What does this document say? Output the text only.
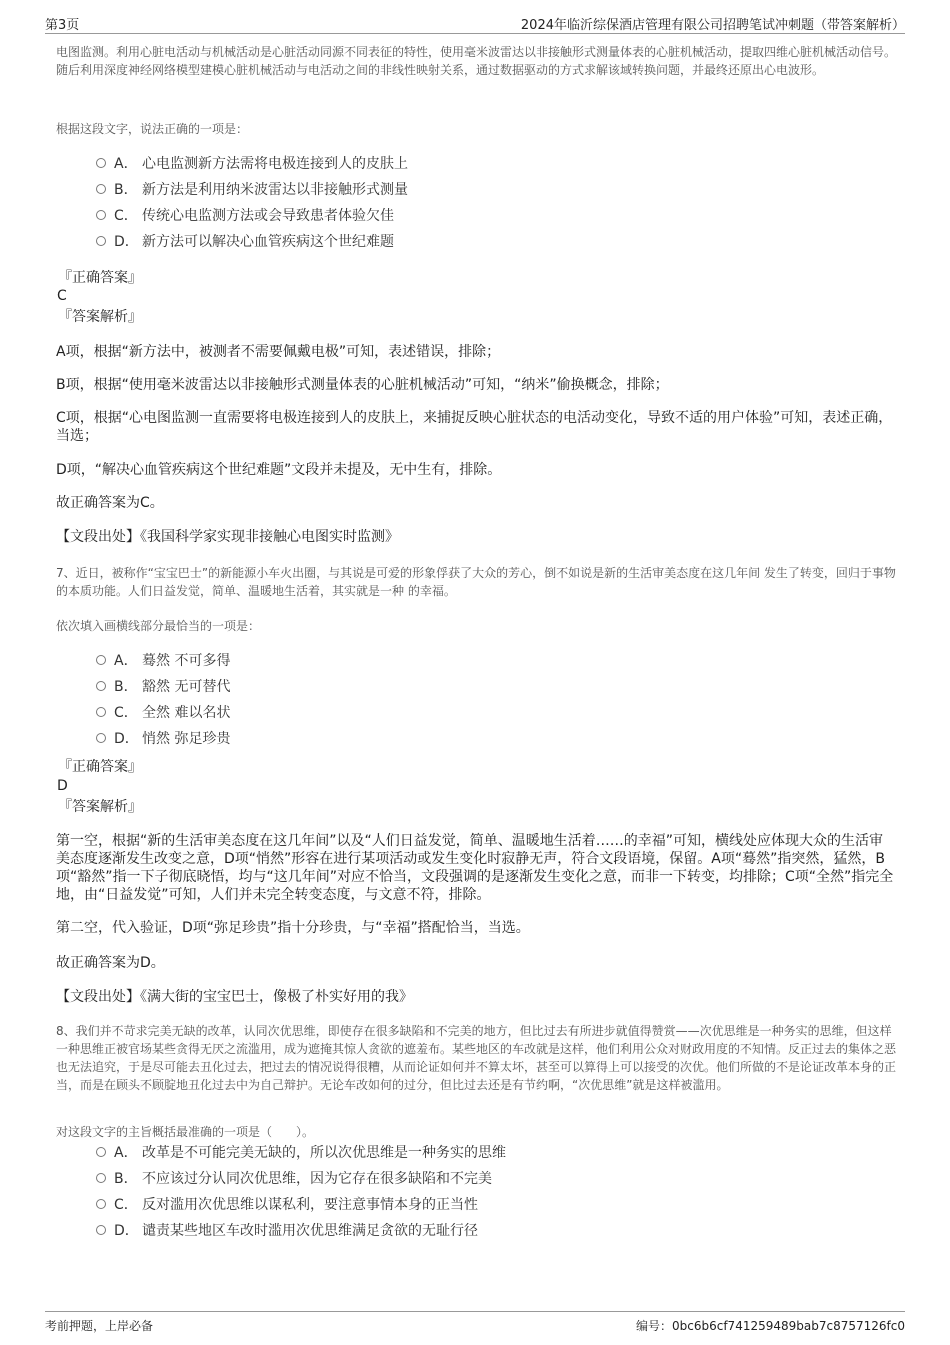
第3页	2024年临沂综保酒店管理有限公司招聘笔试冲刺题（带答案解析）

电图监测。利用心脏电活动与机械活动是心脏活动同源不同表征的特性，使用毫米波雷达以非接触形式测量体表的心脏机械活动，提取四维心脏机械活动信号。随后利用深度神经网络模型建模心脏机械活动与电活动之间的非线性映射关系，通过数据驱动的方式求解该域转换问题，并最终还原出心电波形。

根据这段文字，说法正确的一项是：

A． 心电监测新方法需将电极连接到人的皮肤上
B． 新方法是利用纳米波雷达以非接触形式测量
C． 传统心电监测方法或会导致患者体验欠佳
D． 新方法可以解决心血管疾病这个世纪难题
『正确答案』
C
『答案解析』

A项，根据“新方法中，被测者不需要佩戴电极”可知，表述错误，排除；

B项，根据“使用毫米波雷达以非接触形式测量体表的心脏机械活动”可知，“纳米”偷换概念，排除；

C项，根据“心电图监测一直需要将电极连接到人的皮肤上，来捕捉反映心脏状态的电活动变化，导致不适的用户体验”可知，表述正确，当选；

D项，“解决心血管疾病这个世纪难题”文段并未提及，无中生有，排除。

故正确答案为C。

【文段出处】《我国科学家实现非接触心电图实时监测》

7、近日，被称作“宝宝巴士”的新能源小车火出圈，与其说是可爱的形象俘获了大众的芳心，倒不如说是新的生活审美态度在这几年间 发生了转变，回归于事物的本质功能。人们日益发觉，简单、温暖地生活着，其实就是一种 的幸福。

依次填入画横线部分最恰当的一项是：

A． 蓦然 不可多得
B． 豁然 无可替代
C． 全然 难以名状
D． 悄然 弥足珍贵
『正确答案』
D
『答案解析』

第一空，根据“新的生活审美态度在这几年间”以及“人们日益发觉，简单、温暖地生活着……的幸福”可知，横线处应体现大众的生活审美态度逐渐发生改变之意，D项“悄然”形容在进行某项活动或发生变化时寂静无声，符合文段语境，保留。A项“蓦然”指突然，猛然，B项“豁然”指一下子彻底晓悟，均与“这几年间”对应不恰当，文段强调的是逐渐发生变化之意，而非一下转变，均排除；C项“全然”指完全地，由“日益发觉”可知，人们并未完全转变态度，与文意不符，排除。

第二空，代入验证，D项“弥足珍贵”指十分珍贵，与“幸福”搭配恰当，当选。

故正确答案为D。

【文段出处】《满大街的宝宝巴士，像极了朴实好用的我》

8、我们并不苛求完美无缺的改革，认同次优思维，即使存在很多缺陷和不完美的地方，但比过去有所进步就值得赞赏——次优思维是一种务实的思维，但这样一种思维正被官场某些贪得无厌之流滥用，成为遮掩其惊人贪欲的遮羞布。某些地区的车改就是这样，他们利用公众对财政用度的不知情。反正过去的集体之恶也无法追究，于是尽可能去丑化过去，把过去的情况说得很糟，从而论证如何并不算太坏，甚至可以算得上可以接受的次优。他们所做的不是论证改革本身的正当，而是在顾头不顾腚地丑化过去中为自己辩护。无论车改如何的过分，但比过去还是有节约啊，“次优思维”就是这样被滥用。

对这段文字的主旨概括最准确的一项是（　　）。

A． 改革是不可能完美无缺的，所以次优思维是一种务实的思维
B． 不应该过分认同次优思维，因为它存在很多缺陷和不完美
C． 反对滥用次优思维以谋私利，要注意事情本身的正当性
D． 谴责某些地区车改时滥用次优思维满足贪欲的无耻行径
考前押题，上岸必备	编号：0bc6b6cf741259489bab7c8757126fc0
